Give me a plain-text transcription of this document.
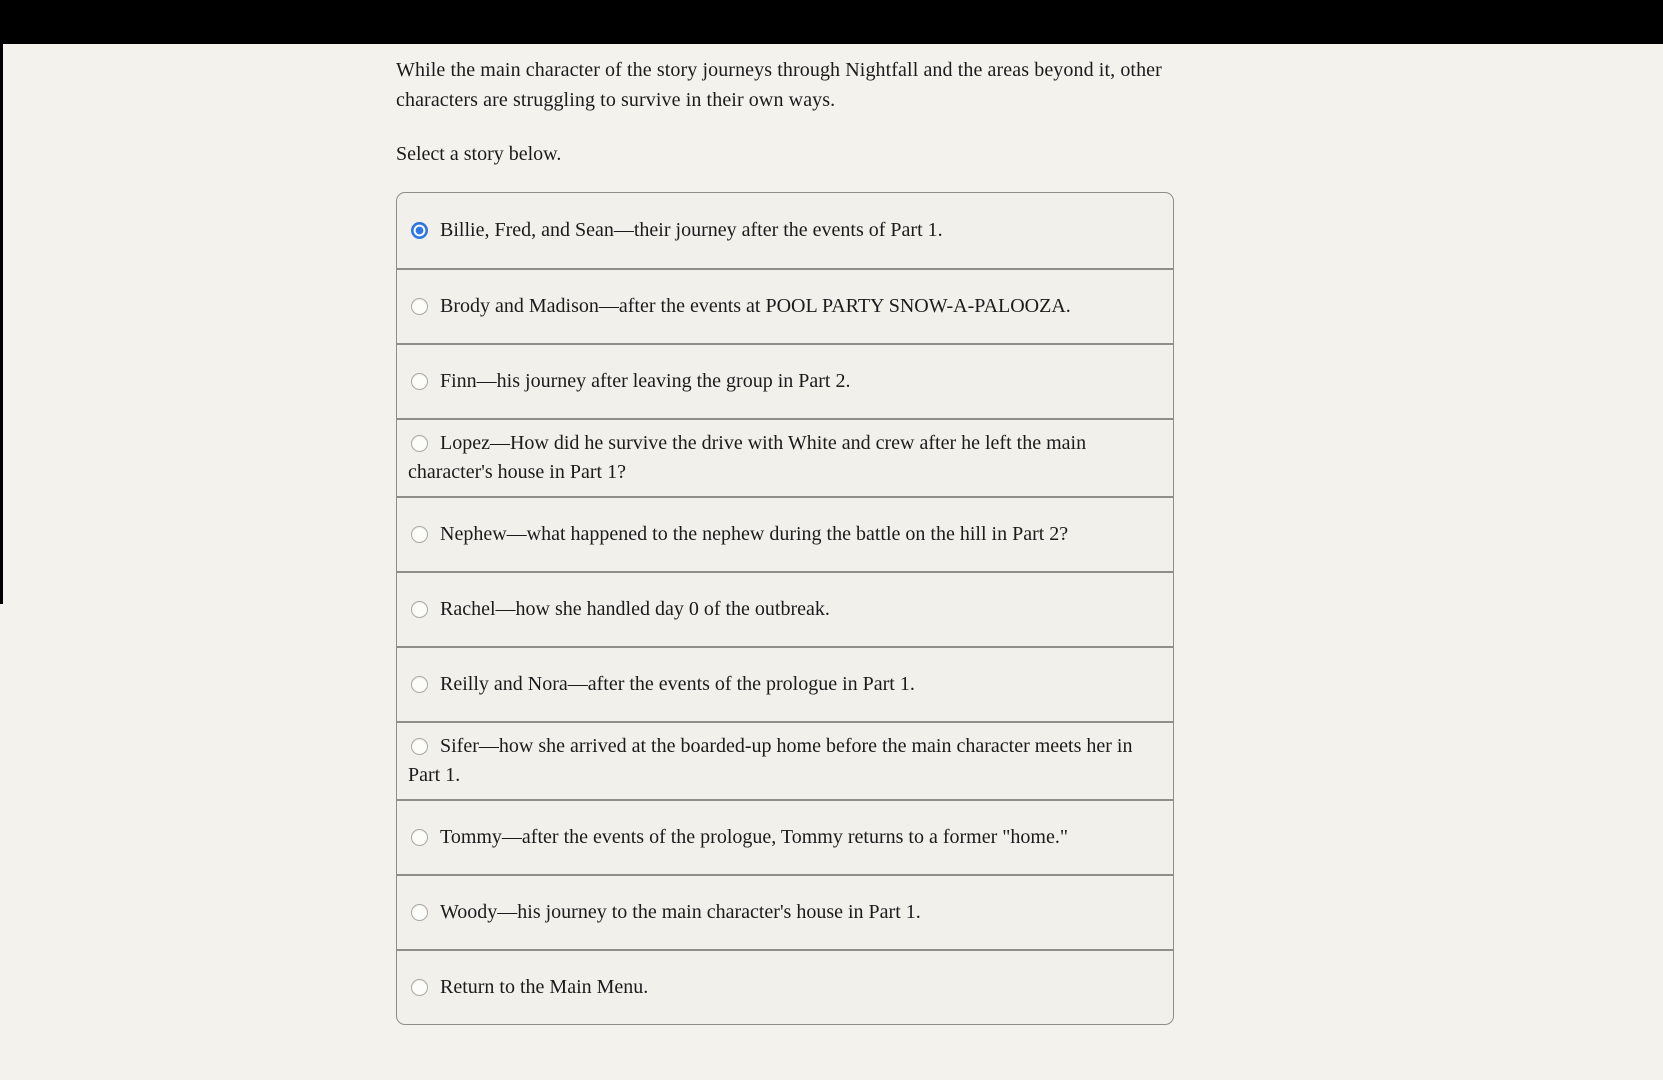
While the main character of the story journeys through Nightfall and the areas beyond it, other characters are struggling to survive in their own ways.

Select a story below.

Billie, Fred, and Sean—their journey after the events of Part 1.
Brody and Madison—after the events at POOL PARTY SNOW-A-PALOOZA.
Finn—his journey after leaving the group in Part 2.
Lopez—How did he survive the drive with White and crew after he left the main character's house in Part 1?
Nephew—what happened to the nephew during the battle on the hill in Part 2?
Rachel—how she handled day 0 of the outbreak.
Reilly and Nora—after the events of the prologue in Part 1.
Sifer—how she arrived at the boarded-up home before the main character meets her in Part 1.
Tommy—after the events of the prologue, Tommy returns to a former "home."
Woody—his journey to the main character's house in Part 1.
Return to the Main Menu.
